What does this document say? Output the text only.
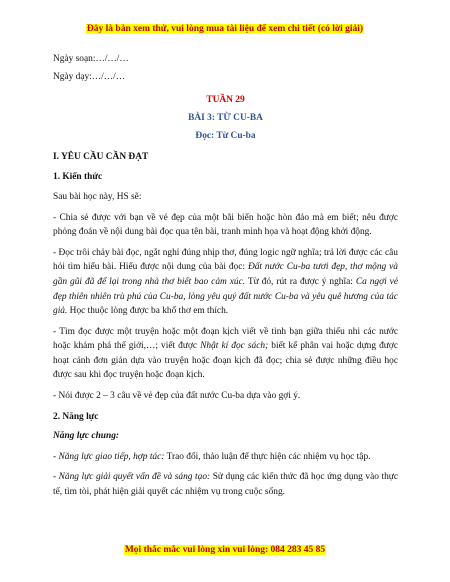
Đây là bản xem thử, vui lòng mua tài liệu để xem chi tiết (có lời giải)
Ngày soạn:…/…/…
Ngày dạy:…/…/…
TUẦN 29
BÀI 3: TỪ CU-BA
Đọc: Từ Cu-ba
I. YÊU CẦU CẦN ĐẠT
1. Kiến thức
Sau bài học này, HS sẽ:
- Chia sẻ được với bạn về vẻ đẹp của một bãi biển hoặc hòn đảo mà em biết; nêu được phỏng đoán về nội dung bài đọc qua tên bài, tranh minh họa và hoạt động khởi động.
- Đọc trôi chảy bài đọc, ngắt nghỉ đúng nhịp thơ, đúng logic ngữ nghĩa; trả lời được các câu hỏi tìm hiểu bài. Hiểu được nội dung của bài đọc: Đất nước Cu-ba tươi đẹp, thơ mộng và gần gũi đã để lại trong nhà thơ biết bao cảm xúc. Từ đó, rút ra được ý nghĩa: Ca ngợi vẻ đẹp thiên nhiên trù phú của Cu-ba, lòng yêu quý đất nước Cu-ba và yêu quê hương của tác giả. Học thuộc lòng được ba khổ thơ em thích.
- Tìm đọc được một truyện hoặc một đoạn kịch viết về tình bạn giữa thiếu nhi các nước hoặc khám phá thế giới,…; viết được Nhật kí đọc sách; biết kể phân vai hoặc dựng được hoạt cảnh đơn giản dựa vào truyện hoặc đoạn kịch đã đọc; chia sẻ được những điều học được sau khi đọc truyện hoặc đoạn kịch.
- Nói được 2 – 3 câu về vẻ đẹp của đất nước Cu-ba dựa vào gợi ý.
2. Năng lực
Năng lực chung:
- Năng lực giao tiếp, hợp tác: Trao đổi, thảo luận để thực hiện các nhiệm vụ học tập.
- Năng lực giải quyết vấn đề và sáng tạo: Sử dụng các kiến thức đã học ứng dụng vào thực tế, tìm tòi, phát hiện giải quyết các nhiệm vụ trong cuộc sống.
Mọi thắc mắc vui lòng xin vui lòng: 084 283 45 85
